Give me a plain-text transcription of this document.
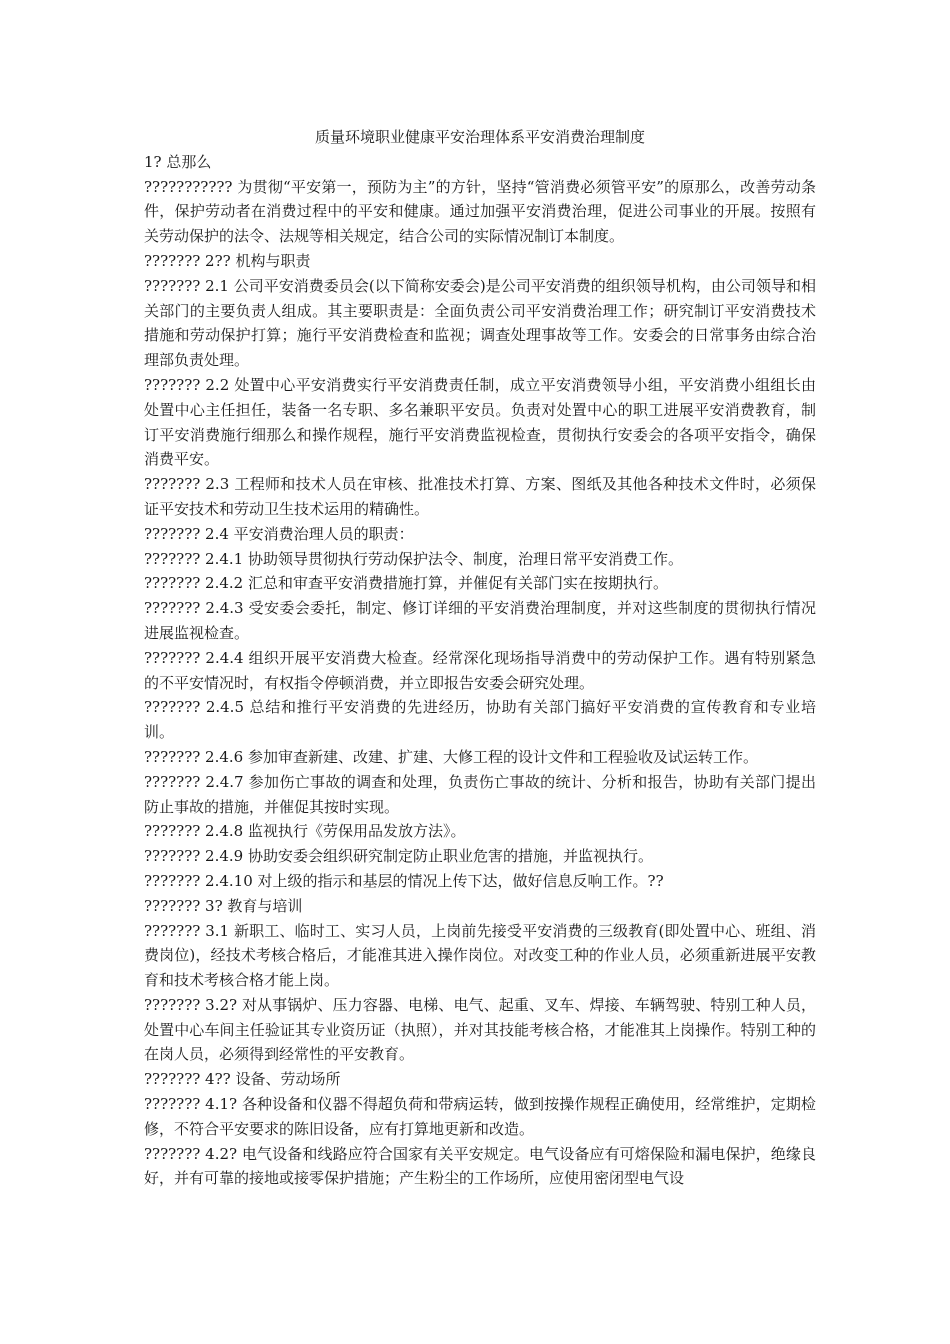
质量环境职业健康平安治理体系平安消费治理制度

1? 总那么

??????????? 为贯彻“平安第一，预防为主”的方针，坚持“管消费必须管平安”的原那么，改善劳动条件，保护劳动者在消费过程中的平安和健康。通过加强平安消费治理，促进公司事业的开展。按照有关劳动保护的法令、法规等相关规定，结合公司的实际情况制订本制度。

??????? 2?? 机构与职责

??????? 2.1 公司平安消费委员会(以下简称安委会)是公司平安消费的组织领导机构，由公司领导和相关部门的主要负责人组成。其主要职责是：全面负责公司平安消费治理工作；研究制订平安消费技术措施和劳动保护打算；施行平安消费检查和监视；调查处理事故等工作。安委会的日常事务由综合治理部负责处理。

??????? 2.2 处置中心平安消费实行平安消费责任制，成立平安消费领导小组，平安消费小组组长由处置中心主任担任，装备一名专职、多名兼职平安员。负责对处置中心的职工进展平安消费教育，制订平安消费施行细那么和操作规程，施行平安消费监视检查，贯彻执行安委会的各项平安指令，确保消费平安。

??????? 2.3 工程师和技术人员在审核、批准技术打算、方案、图纸及其他各种技术文件时，必须保证平安技术和劳动卫生技术运用的精确性。

??????? 2.4 平安消费治理人员的职责：

??????? 2.4.1 协助领导贯彻执行劳动保护法令、制度，治理日常平安消费工作。

??????? 2.4.2 汇总和审查平安消费措施打算，并催促有关部门实在按期执行。

??????? 2.4.3 受安委会委托，制定、修订详细的平安消费治理制度，并对这些制度的贯彻执行情况进展监视检查。

??????? 2.4.4 组织开展平安消费大检查。经常深化现场指导消费中的劳动保护工作。遇有特别紧急的不平安情况时，有权指令停顿消费，并立即报告安委会研究处理。

??????? 2.4.5 总结和推行平安消费的先进经历，协助有关部门搞好平安消费的宣传教育和专业培训。

??????? 2.4.6 参加审查新建、改建、扩建、大修工程的设计文件和工程验收及试运转工作。

??????? 2.4.7 参加伤亡事故的调查和处理，负责伤亡事故的统计、分析和报告，协助有关部门提出防止事故的措施，并催促其按时实现。

??????? 2.4.8 监视执行《劳保用品发放方法》。

??????? 2.4.9 协助安委会组织研究制定防止职业危害的措施，并监视执行。

??????? 2.4.10 对上级的指示和基层的情况上传下达，做好信息反响工作。??

??????? 3? 教育与培训

??????? 3.1 新职工、临时工、实习人员，上岗前先接受平安消费的三级教育(即处置中心、班组、消费岗位)，经技术考核合格后，才能准其进入操作岗位。对改变工种的作业人员，必须重新进展平安教育和技术考核合格才能上岗。

??????? 3.2? 对从事锅炉、压力容器、电梯、电气、起重、叉车、焊接、车辆驾驶、特别工种人员，处置中心车间主任验证其专业资历证（执照），并对其技能考核合格，才能准其上岗操作。特别工种的在岗人员，必须得到经常性的平安教育。

??????? 4?? 设备、劳动场所

??????? 4.1? 各种设备和仪器不得超负荷和带病运转，做到按操作规程正确使用，经常维护，定期检修，不符合平安要求的陈旧设备，应有打算地更新和改造。

??????? 4.2? 电气设备和线路应符合国家有关平安规定。电气设备应有可熔保险和漏电保护，绝缘良好，并有可靠的接地或接零保护措施；产生粉尘的工作场所，应使用密闭型电气设
